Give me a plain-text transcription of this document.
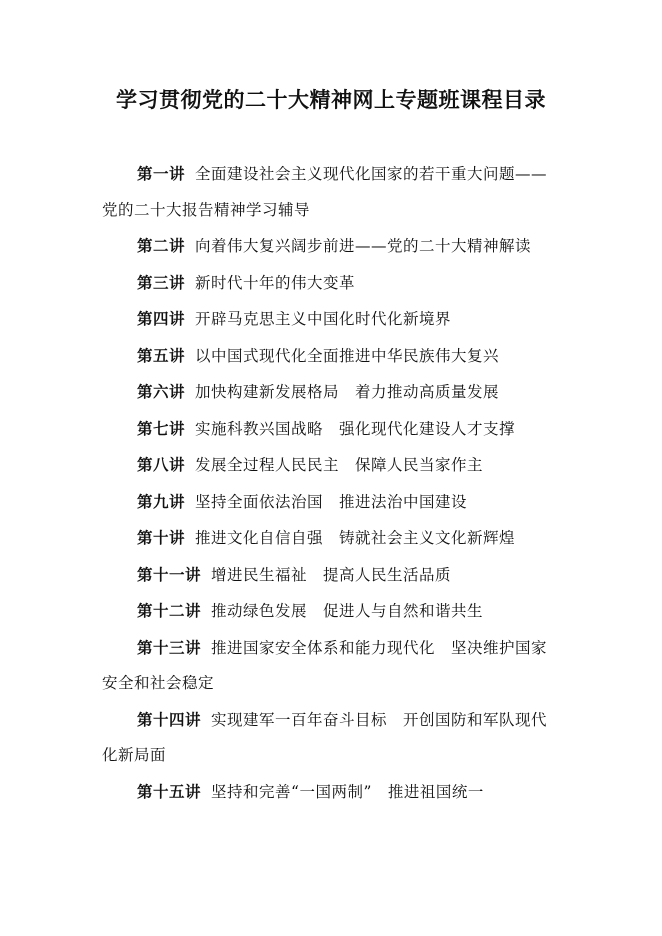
学习贯彻党的二十大精神网上专题班课程目录
第一讲 全面建设社会主义现代化国家的若干重大问题——党的二十大报告精神学习辅导
第二讲 向着伟大复兴阔步前进——党的二十大精神解读
第三讲 新时代十年的伟大变革
第四讲 开辟马克思主义中国化时代化新境界
第五讲 以中国式现代化全面推进中华民族伟大复兴
第六讲 加快构建新发展格局　着力推动高质量发展
第七讲 实施科教兴国战略　强化现代化建设人才支撑
第八讲 发展全过程人民民主　保障人民当家作主
第九讲 坚持全面依法治国　推进法治中国建设
第十讲 推进文化自信自强　铸就社会主义文化新辉煌
第十一讲 增进民生福祉　提高人民生活品质
第十二讲 推动绿色发展　促进人与自然和谐共生
第十三讲 推进国家安全体系和能力现代化　坚决维护国家安全和社会稳定
第十四讲 实现建军一百年奋斗目标　开创国防和军队现代化新局面
第十五讲 坚持和完善“一国两制”　推进祖国统一
